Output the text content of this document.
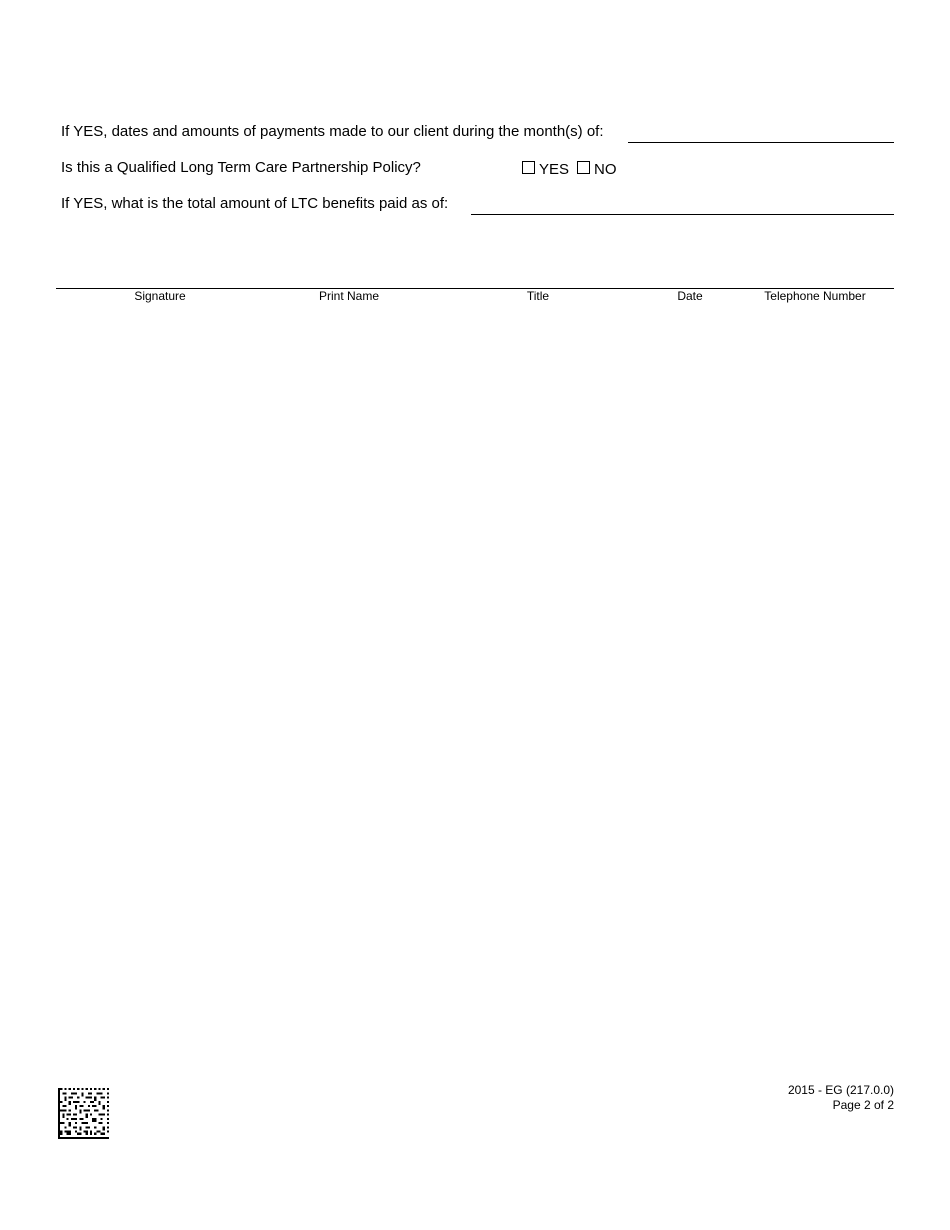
If YES, dates and amounts of payments made to our client during the month(s) of:
Is this a Qualified Long Term Care Partnership Policy?	YES NO
If YES, what is the total amount of LTC benefits paid as of:
Signature	Print Name	Title	Date	Telephone Number
2015 - EG (217.0.0)
Page 2 of 2
